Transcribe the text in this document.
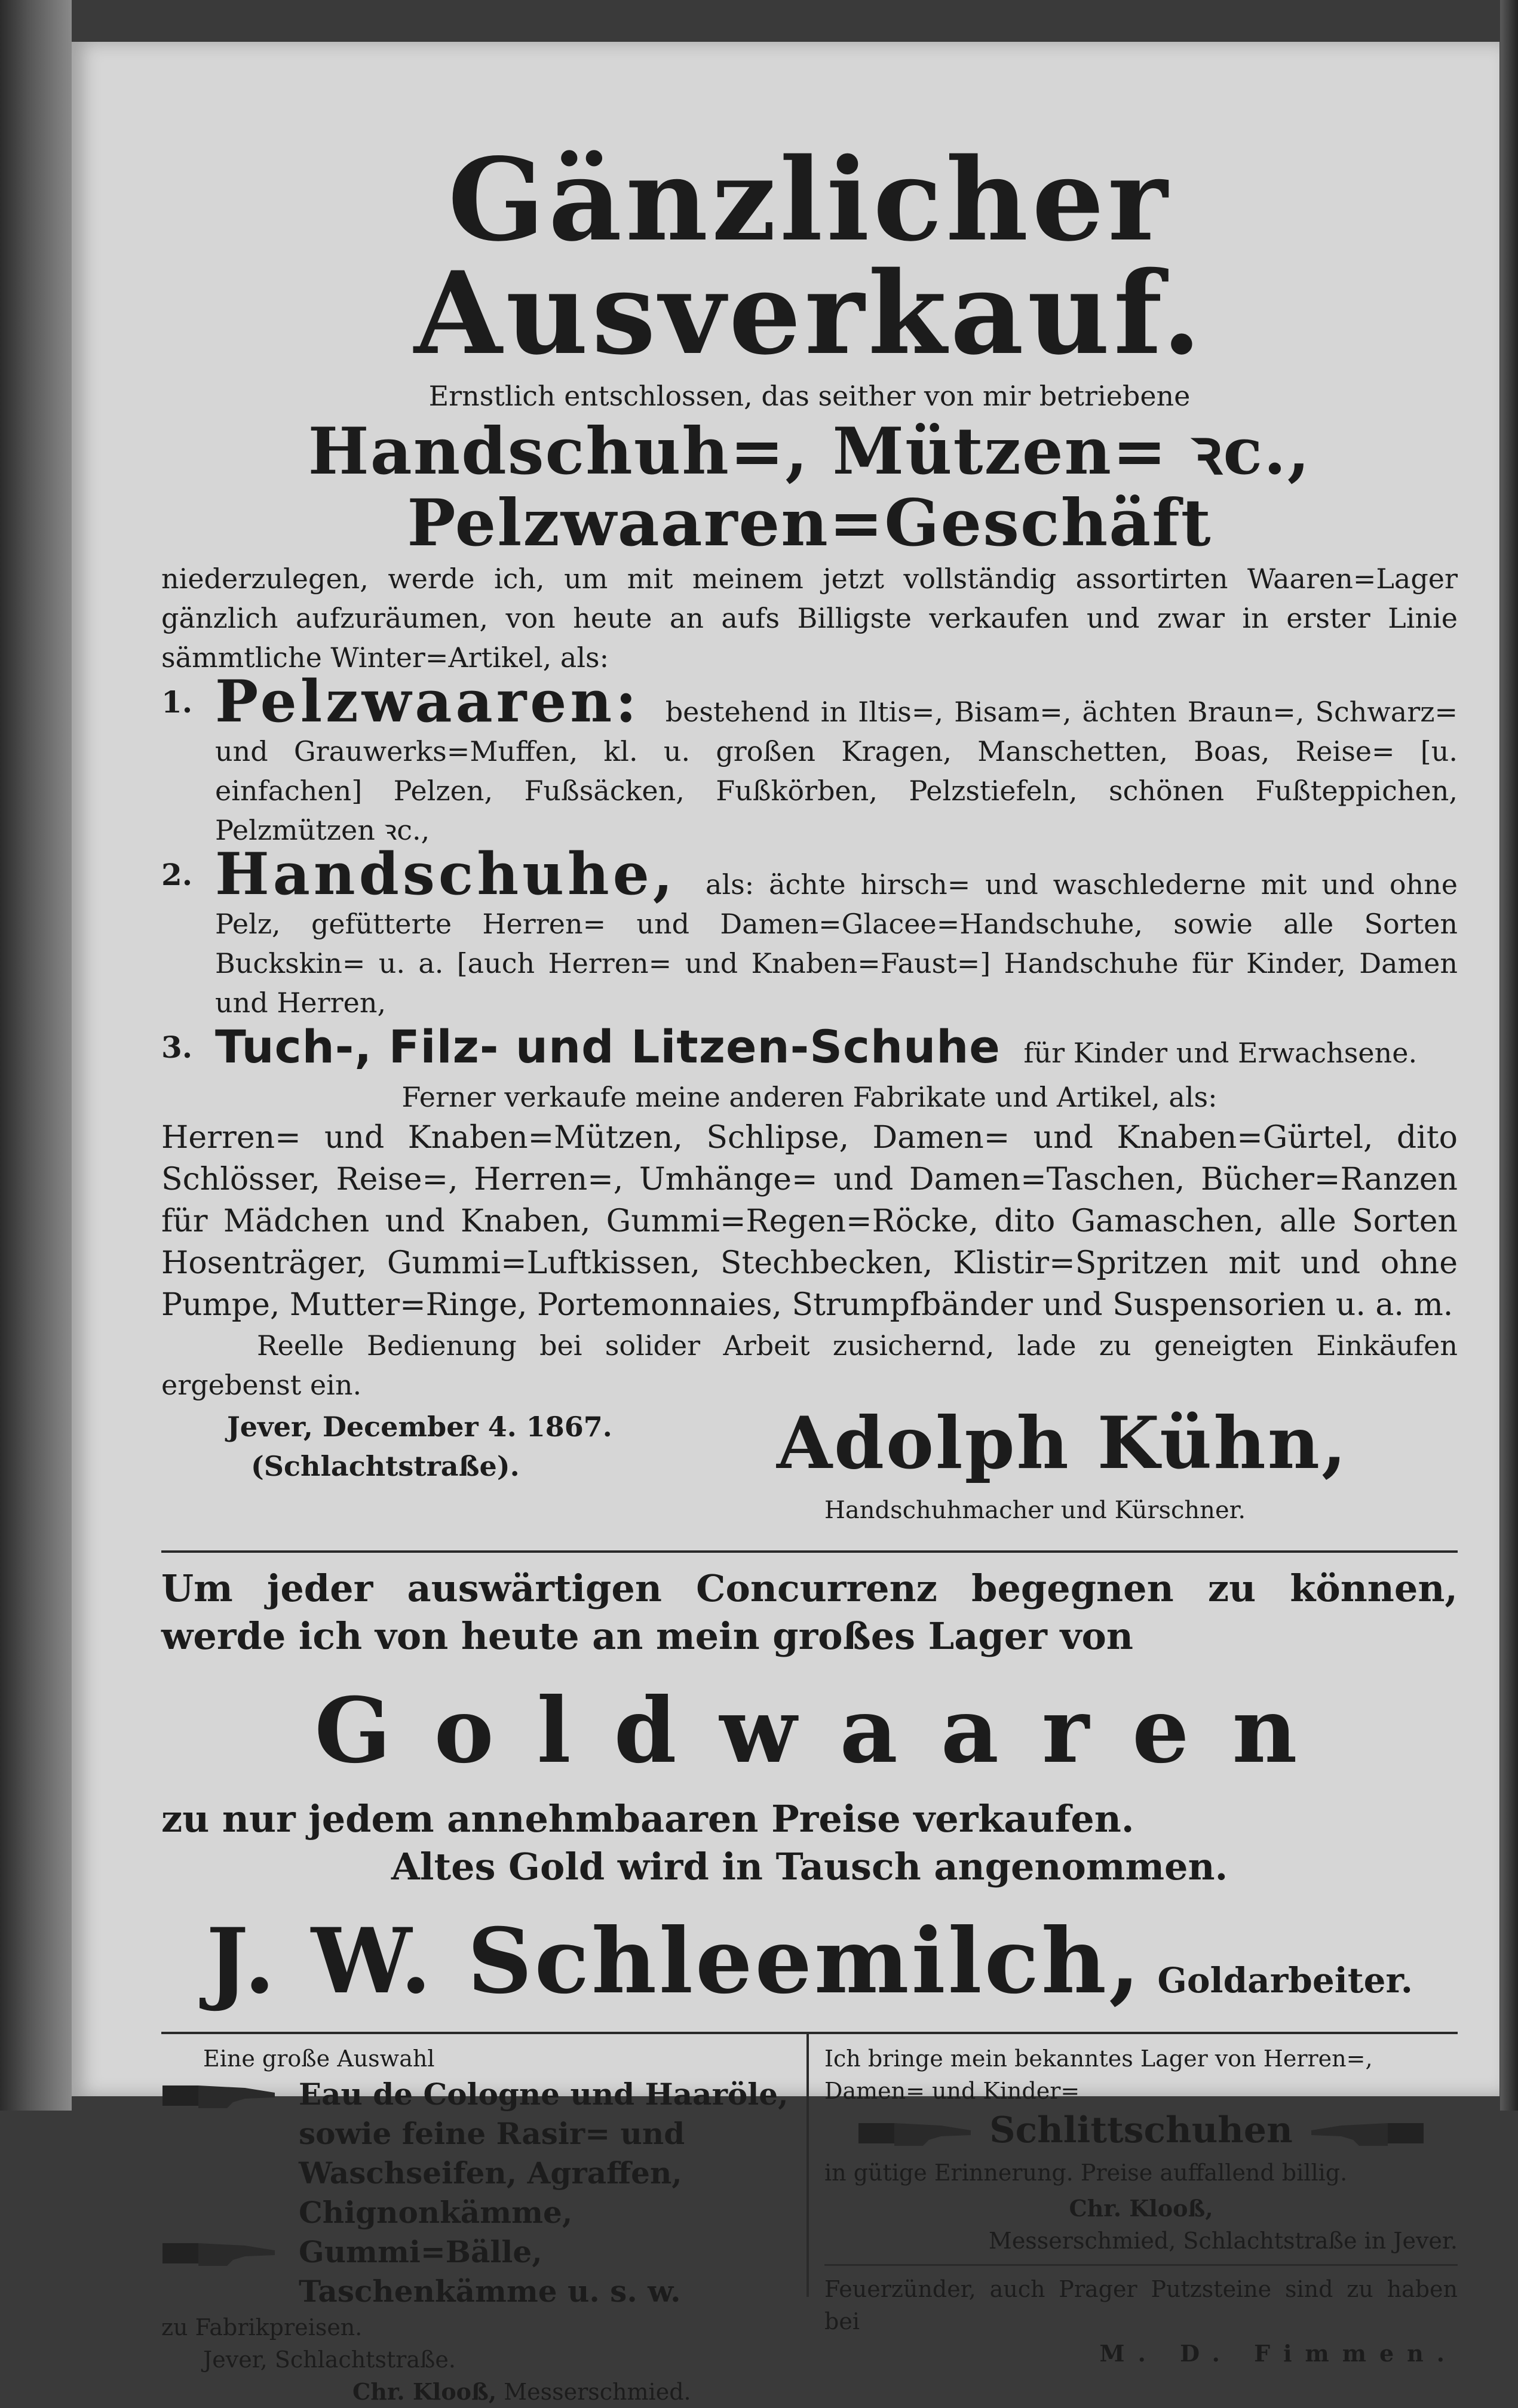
Gänzlicher Ausverkauf.

Ernstlich entschlossen, das seither von mir betriebene

Handschuh=, Mützen= ꝛc., Pelzwaaren=Geschäft

niederzulegen, werde ich, um mit meinem jetzt vollständig assortirten Waaren=Lager gänzlich aufzuräumen, von heute an aufs Billigste verkaufen und zwar in erster Linie sämmtliche Winter=Artikel, als:

1. Pelzwaaren: bestehend in Iltis=, Bisam=, ächten Braun=, Schwarz= und Grauwerks=Muffen, kl. u. großen Kragen, Manschetten, Boas, Reise= [u. einfachen] Pelzen, Fußsäcken, Fußkörben, Pelzstiefeln, schönen Fußteppichen, Pelzmützen ꝛc.,

2. Handschuhe, als: ächte hirsch= und waschlederne mit und ohne Pelz, gefütterte Herren= und Damen=Glacee=Handschuhe, sowie alle Sorten Buckskin= u. a. [auch Herren= und Knaben=Faust=] Handschuhe für Kinder, Damen und Herren,

3. Tuch-, Filz- und Litzen-Schuhe für Kinder und Erwachsene.

Ferner verkaufe meine anderen Fabrikate und Artikel, als:

Herren= und Knaben=Mützen, Schlipse, Damen= und Knaben=Gürtel, dito Schlösser, Reise=, Herren=, Umhänge= und Damen=Taschen, Bücher=Ranzen für Mädchen und Knaben, Gummi=Regen=Röcke, dito Gamaschen, alle Sorten Hosenträger, Gummi=Luftkissen, Stechbecken, Klistir=Spritzen mit und ohne Pumpe, Mutter=Ringe, Portemonnaies, Strumpfbänder und Suspensorien u. a. m.

Reelle Bedienung bei solider Arbeit zusichernd, lade zu geneigten Einkäufen ergebenst ein.

Jever, December 4. 1867.
(Schlachtstraße).	Adolph Kühn,
Handschuhmacher und Kürschner.
Um jeder auswärtigen Concurrenz begegnen zu können, werde ich von heute an mein großes Lager von
Goldwaaren
zu nur jedem annehmbaaren Preise verkaufen.
Altes Gold wird in Tausch angenommen.
J. W. Schleemilch, Goldarbeiter.
Eine große Auswahl
Eau de Cologne und Haaröle, sowie feine Rasir= und Waschseifen, Agraffen, Chignonkämme,
Gummi=Bälle, Taschenkämme u. s. w.
zu Fabrikpreisen.
Jever, Schlachtstraße.
Chr. Klooß, Messerschmied.
Ich bringe mein bekanntes Lager von Herren=, Damen= und Kinder=
Schlittschuhen
in gütige Erinnerung. Preise auffallend billig.
Chr. Klooß,
Messerschmied, Schlachtstraße in Jever.
Feuerzünder, auch Prager Putzsteine sind zu haben bei
M. D. Fimmen.
